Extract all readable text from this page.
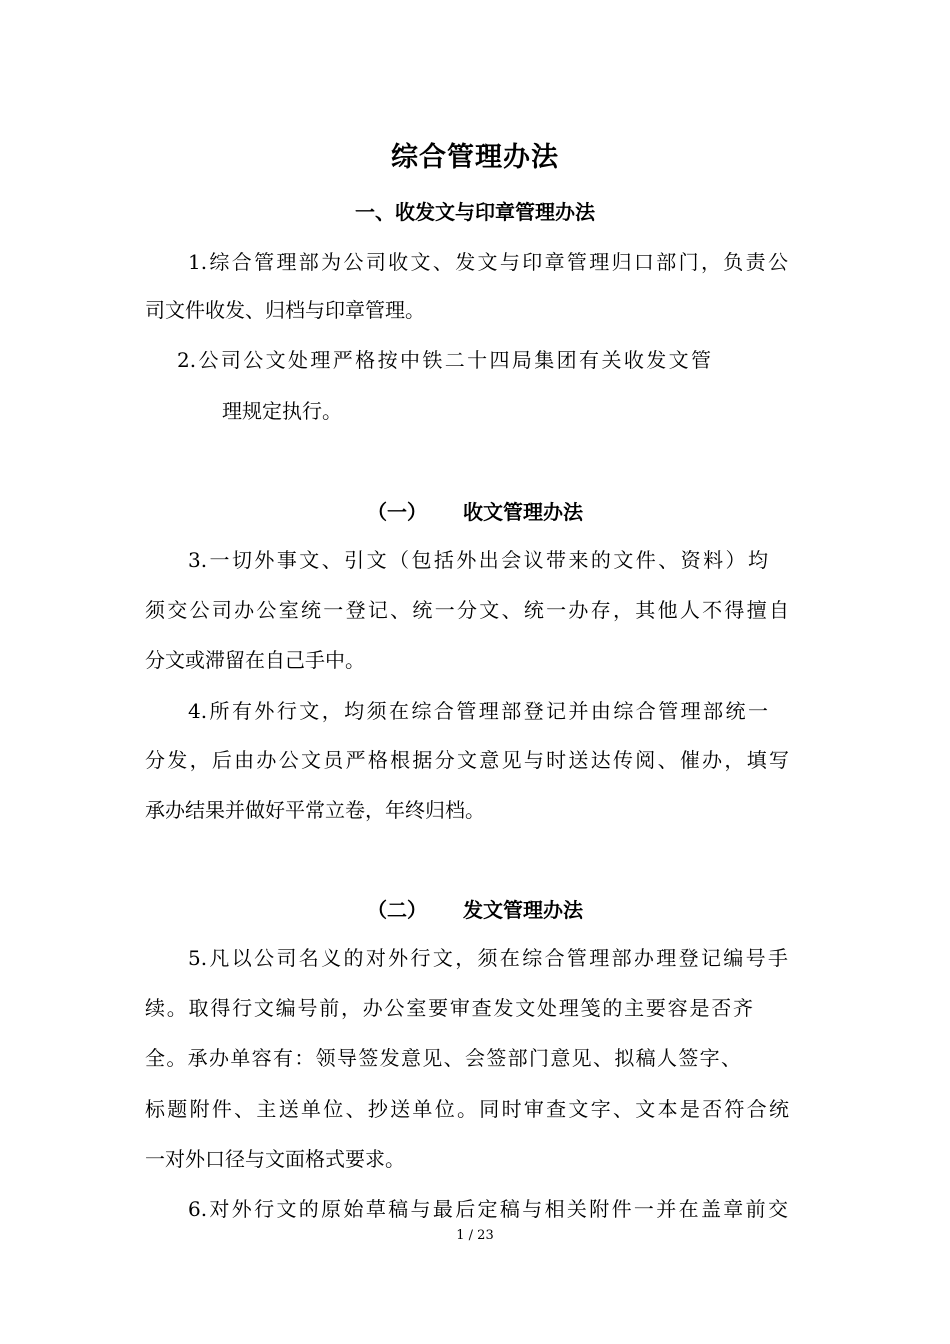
综合管理办法
一、收发文与印章管理办法
1.综合管理部为公司收文、发文与印章管理归口部门，负责公
司文件收发、归档与印章管理。
2.公司公文处理严格按中铁二十四局集团有关收发文管
理规定执行。
（一） 收文管理办法
3.一切外事文、引文（包括外出会议带来的文件、资料）均
须交公司办公室统一登记、统一分文、统一办存，其他人不得擅自
分文或滞留在自己手中。
4.所有外行文，均须在综合管理部登记并由综合管理部统一
分发，后由办公文员严格根据分文意见与时送达传阅、催办，填写
承办结果并做好平常立卷，年终归档。
（二） 发文管理办法
5.凡以公司名义的对外行文，须在综合管理部办理登记编号手
续。取得行文编号前，办公室要审查发文处理笺的主要容是否齐
全。承办单容有：领导签发意见、会签部门意见、拟稿人签字、
标题附件、主送单位、抄送单位。同时审查文字、文本是否符合统
一对外口径与文面格式要求。
6.对外行文的原始草稿与最后定稿与相关附件一并在盖章前交
1 / 23
